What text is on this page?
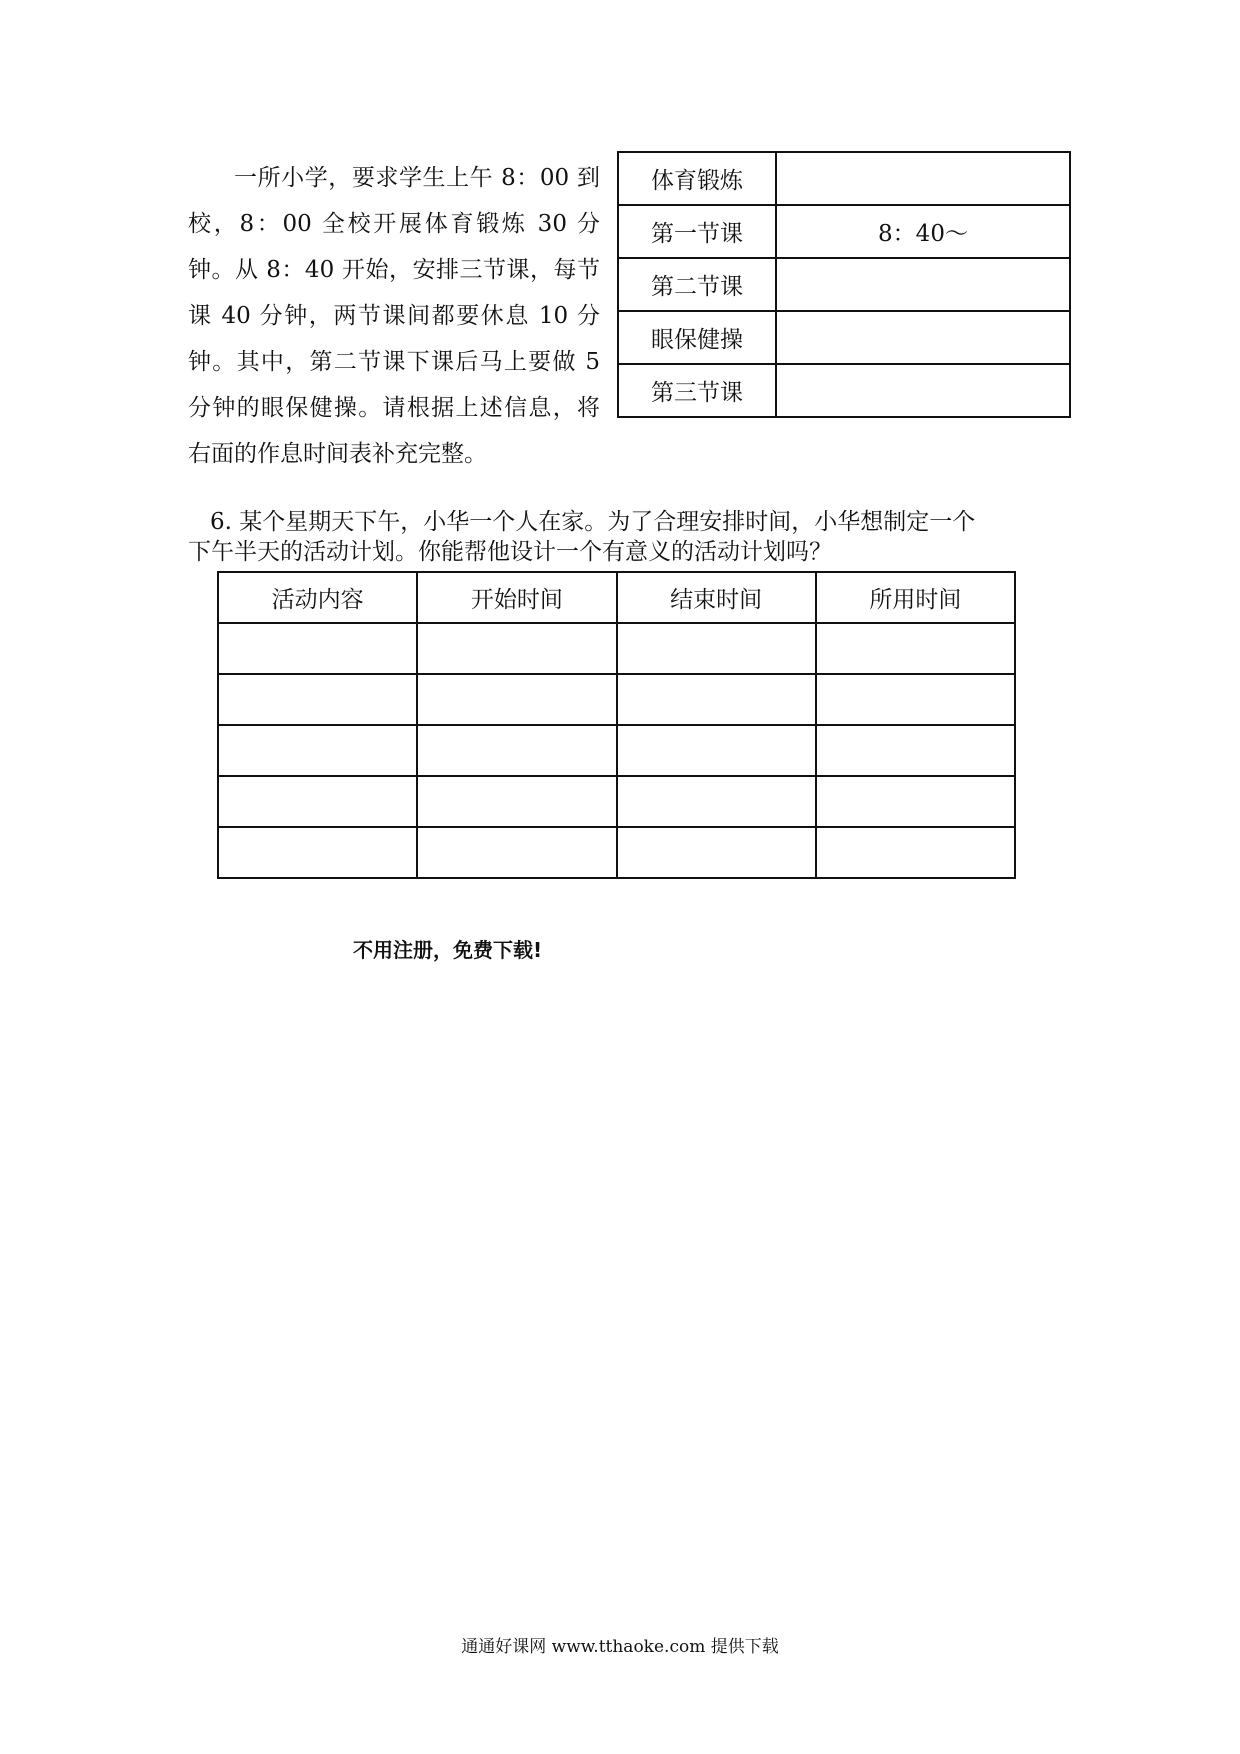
一所小学，要求学生上午 8：00 到校，8：00 全校开展体育锻炼 30 分钟。从 8：40 开始，安排三节课，每节课 40 分钟，两节课间都要休息 10 分钟。其中，第二节课下课后马上要做 5 分钟的眼保健操。请根据上述信息，将右面的作息时间表补充完整。

体育锻炼	
第一节课	8：40～
第二节课	
眼保健操	
第三节课	
6. 某个星期天下午，小华一个人在家。为了合理安排时间，小华想制定一个
下午半天的活动计划。你能帮他设计一个有意义的活动计划吗？
活动内容	开始时间	结束时间	所用时间

不用注册，免费下载!

通通好课网 www.tthaoke.com 提供下载
